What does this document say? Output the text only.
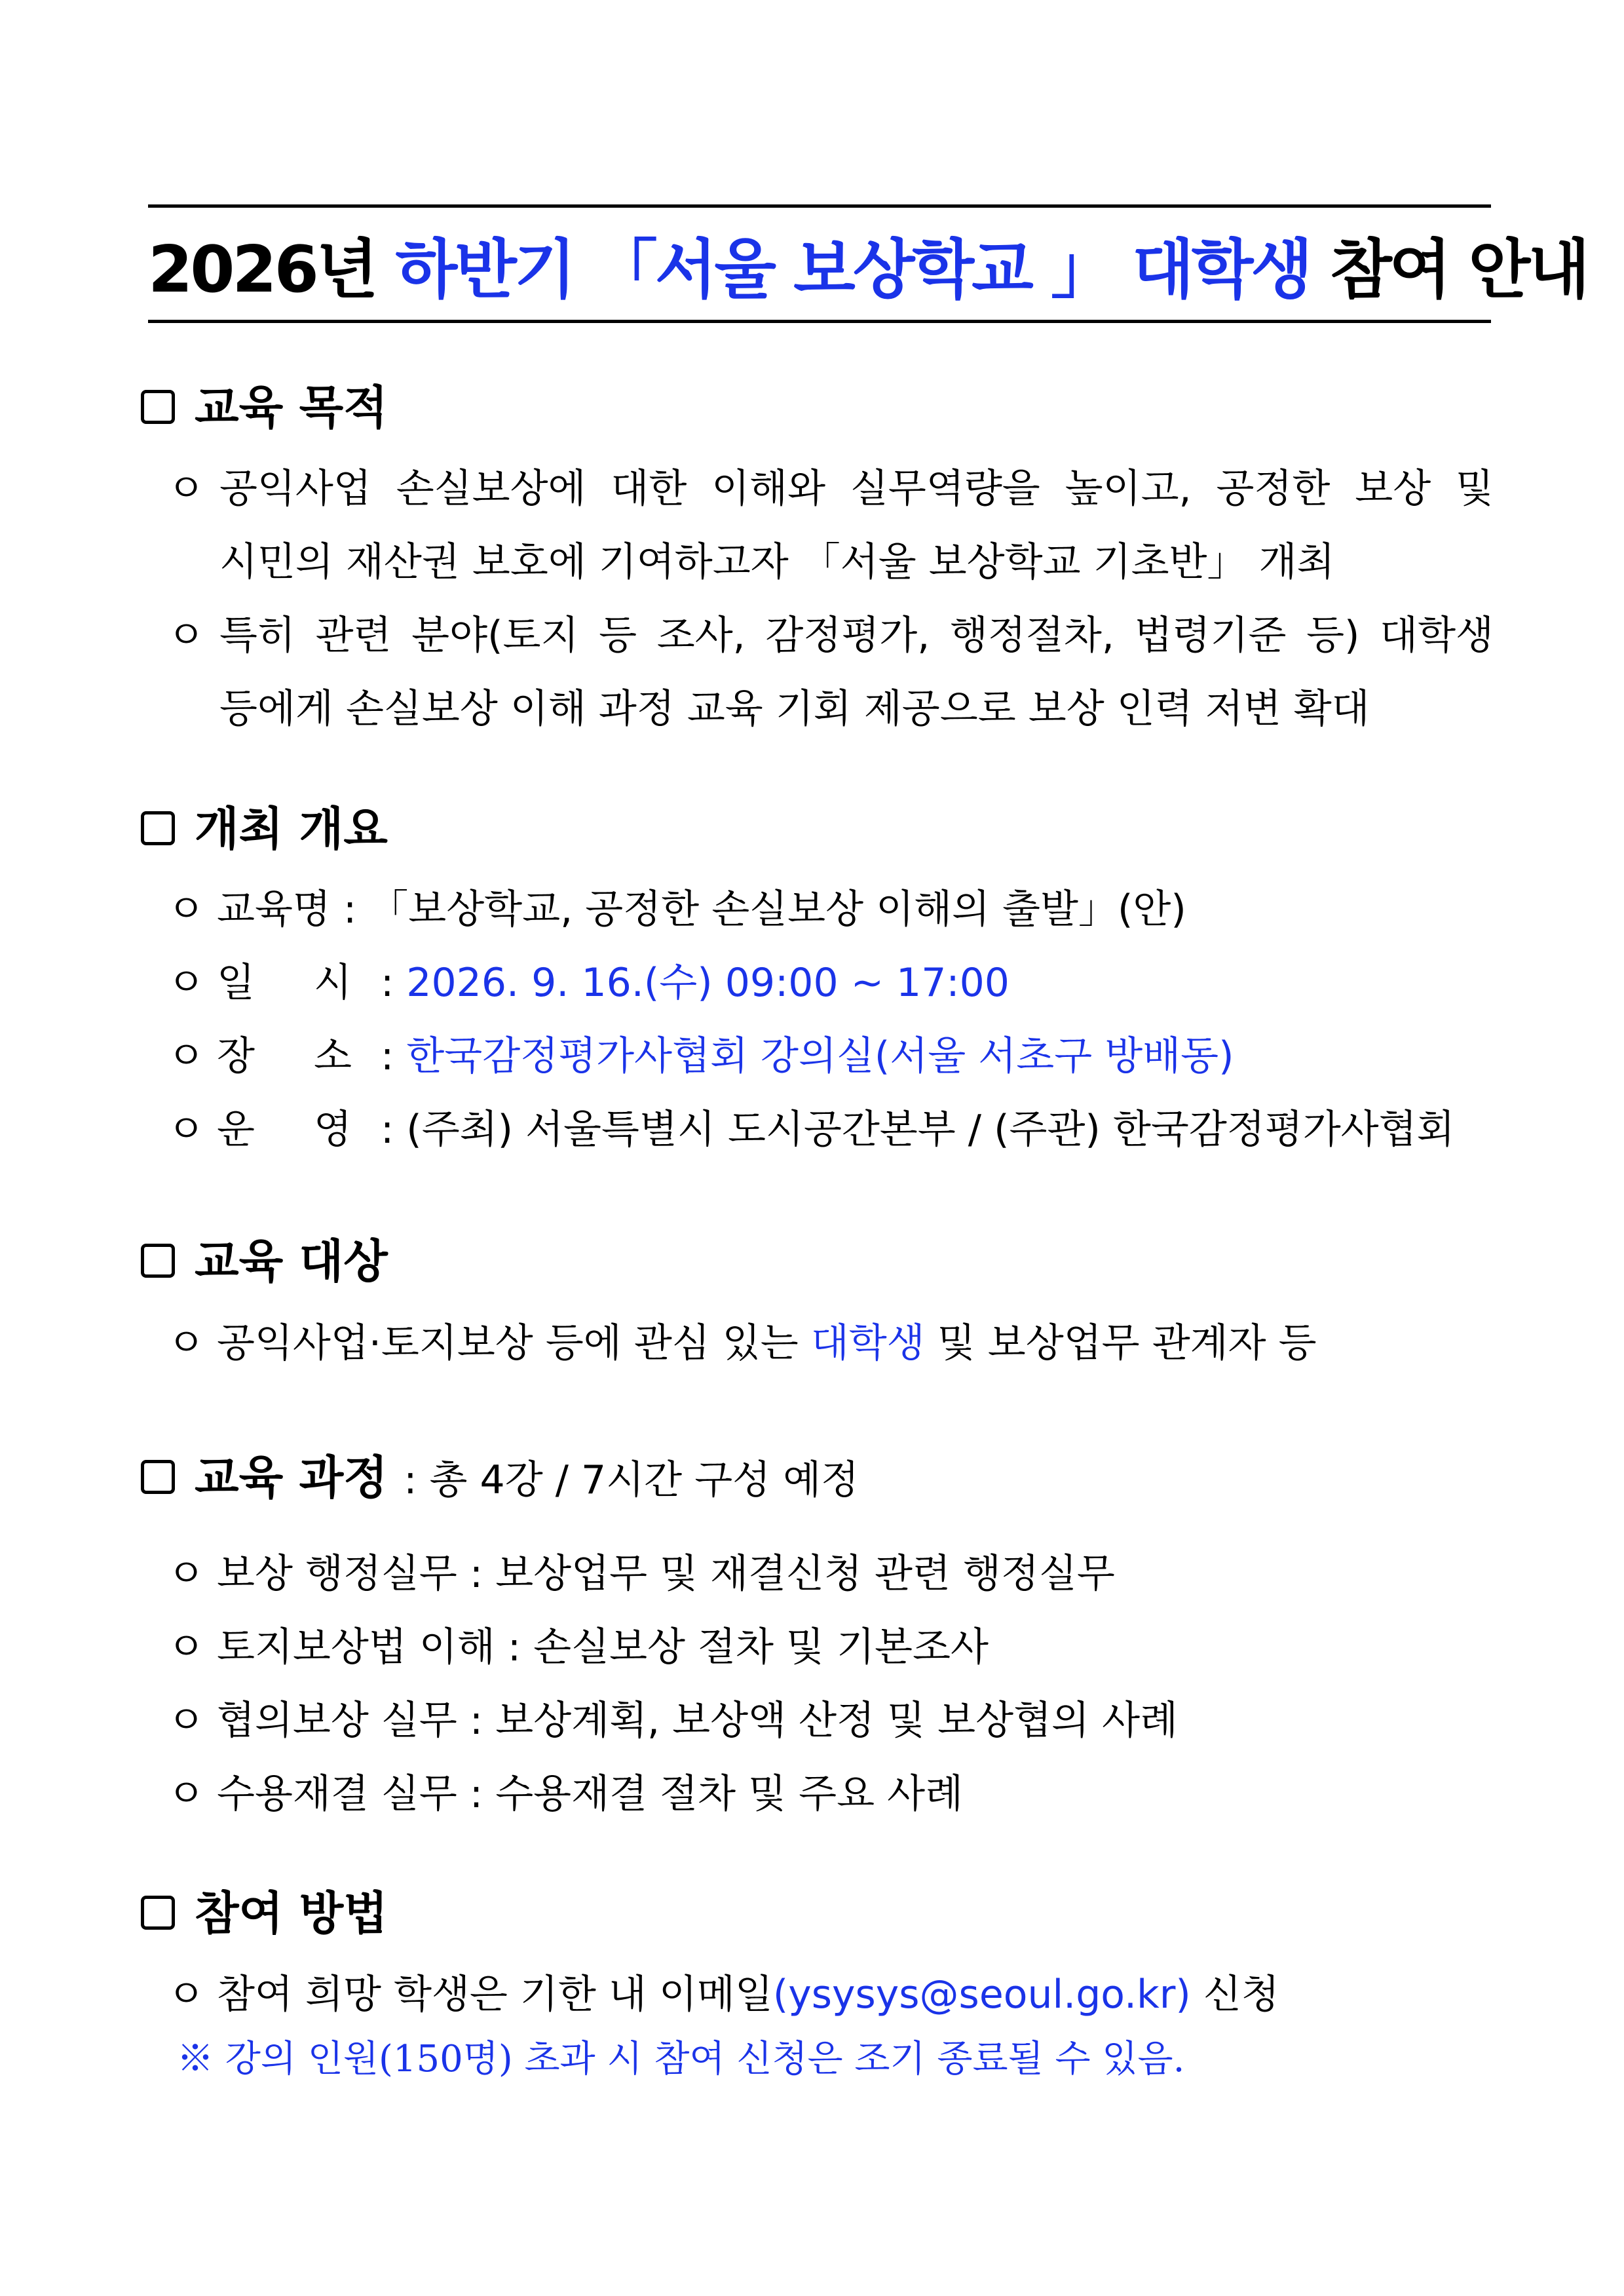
2026년 하반기 「서울 보상학교 」 대학생 참여 안내
교육 목적
ㅇ 공익사업 손실보상에 대한 이해와 실무역량을 높이고, 공정한 보상 및
시민의 재산권 보호에 기여하고자 「서울 보상학교 기초반」 개최
ㅇ 특히 관련 분야(토지 등 조사, 감정평가, 행정절차, 법령기준 등) 대학생
등에게 손실보상 이해 과정 교육 기회 제공으로 보상 인력 저변 확대
개최 개요
ㅇ 교육명 : 「보상학교, 공정한 손실보상 이해의 출발」(안)
ㅇ 일 시 : 2026. 9. 16.(수) 09:00 ~ 17:00
ㅇ 장 소 : 한국감정평가사협회 강의실(서울 서초구 방배동)
ㅇ 운 영 : (주최) 서울특별시 도시공간본부 / (주관) 한국감정평가사협회
교육 대상
ㅇ 공익사업·토지보상 등에 관심 있는 대학생 및 보상업무 관계자 등
교육 과정 : 총 4강 / 7시간 구성 예정
ㅇ 보상 행정실무 : 보상업무 및 재결신청 관련 행정실무
ㅇ 토지보상법 이해 : 손실보상 절차 및 기본조사
ㅇ 협의보상 실무 : 보상계획, 보상액 산정 및 보상협의 사례
ㅇ 수용재결 실무 : 수용재결 절차 및 주요 사례
참여 방법
ㅇ 참여 희망 학생은 기한 내 이메일(ysysys@seoul.go.kr) 신청
※ 강의 인원(150명) 초과 시 참여 신청은 조기 종료될 수 있음.
